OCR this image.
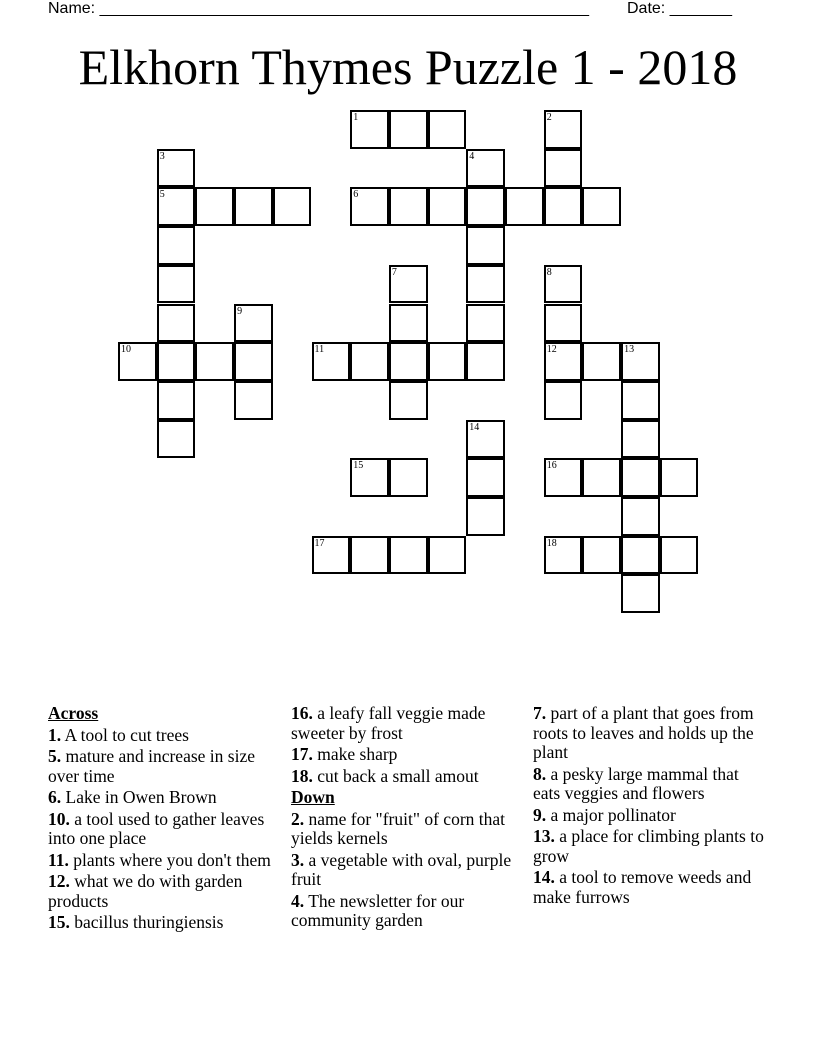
Name: _______________________________________________________ Date: _______
Elkhorn Thymes Puzzle 1 - 2018
1	2
3
5
4
6
7	8
12
9
10	11	13
14
15	16
17	18
Across
1. A tool to cut trees
5. mature and increase in size over time
6. Lake in Owen Brown
10. a tool used to gather leaves into one place
11. plants where you don't them
12. what we do with garden products
15. bacillus thuringiensis
16. a leafy fall veggie made sweeter by frost
17. make sharp
18. cut back a small amout
Down
2. name for "fruit" of corn that yields kernels
3. a vegetable with oval, purple fruit
4. The newsletter for our community garden
7. part of a plant that goes from roots to leaves and holds up the plant
8. a pesky large mammal that eats veggies and flowers
9. a major pollinator
13. a place for climbing plants to grow
14. a tool to remove weeds and make furrows
